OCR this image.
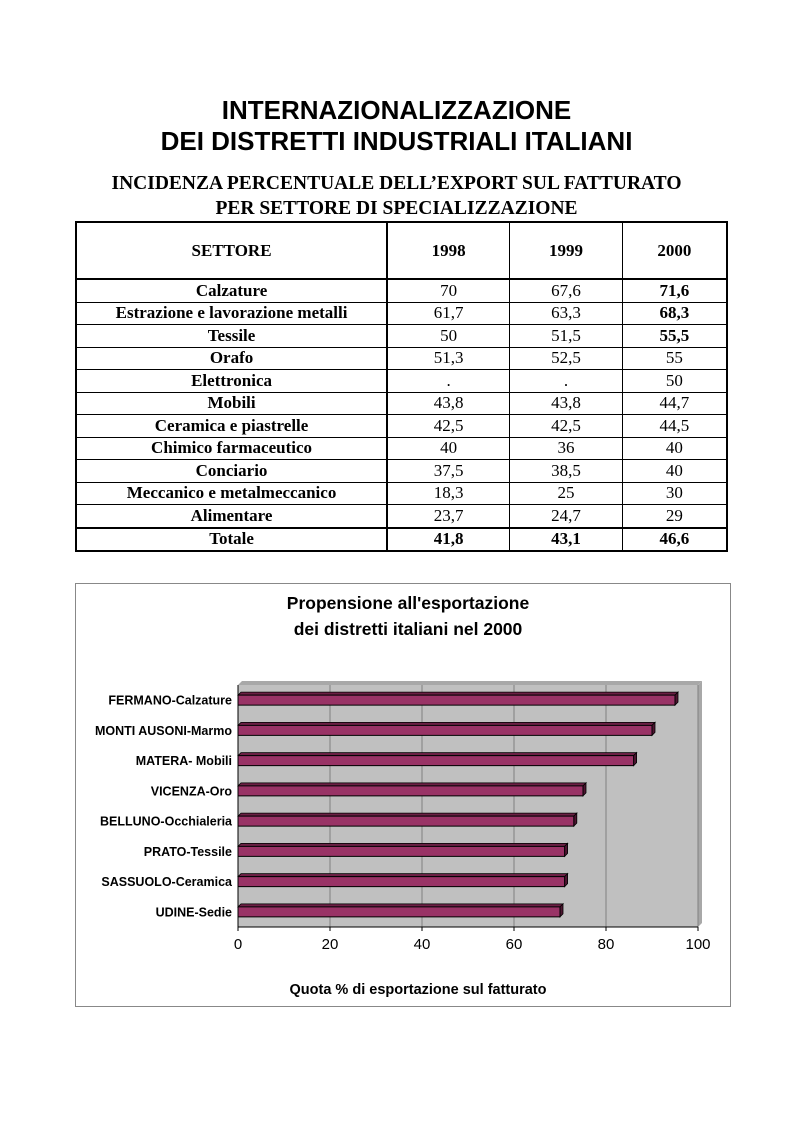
INTERNAZIONALIZZAZIONE
DEI DISTRETTI INDUSTRIALI ITALIANI
INCIDENZA PERCENTUALE DELL’EXPORT SUL FATTURATO
PER SETTORE DI SPECIALIZZAZIONE
SETTORE	1998	1999	2000
Calzature	70	67,6	71,6
Estrazione e lavorazione metalli	61,7	63,3	68,3
Tessile	50	51,5	55,5
Orafo	51,3	52,5	55
Elettronica	.	.	50
Mobili	43,8	43,8	44,7
Ceramica e piastrelle	42,5	42,5	44,5
Chimico farmaceutico	40	36	40
Conciario	37,5	38,5	40
Meccanico e metalmeccanico	18,3	25	30
Alimentare	23,7	24,7	29
Totale	41,8	43,1	46,6
Propensione all'esportazione
dei distretti italiani nel 2000
0	20	40	60	80	100
FERMANO-Calzature
MONTI AUSONI-Marmo
MATERA- Mobili
VICENZA-Oro
BELLUNO-Occhialeria
PRATO-Tessile
SASSUOLO-Ceramica
UDINE-Sedie
Quota % di esportazione sul fatturato
